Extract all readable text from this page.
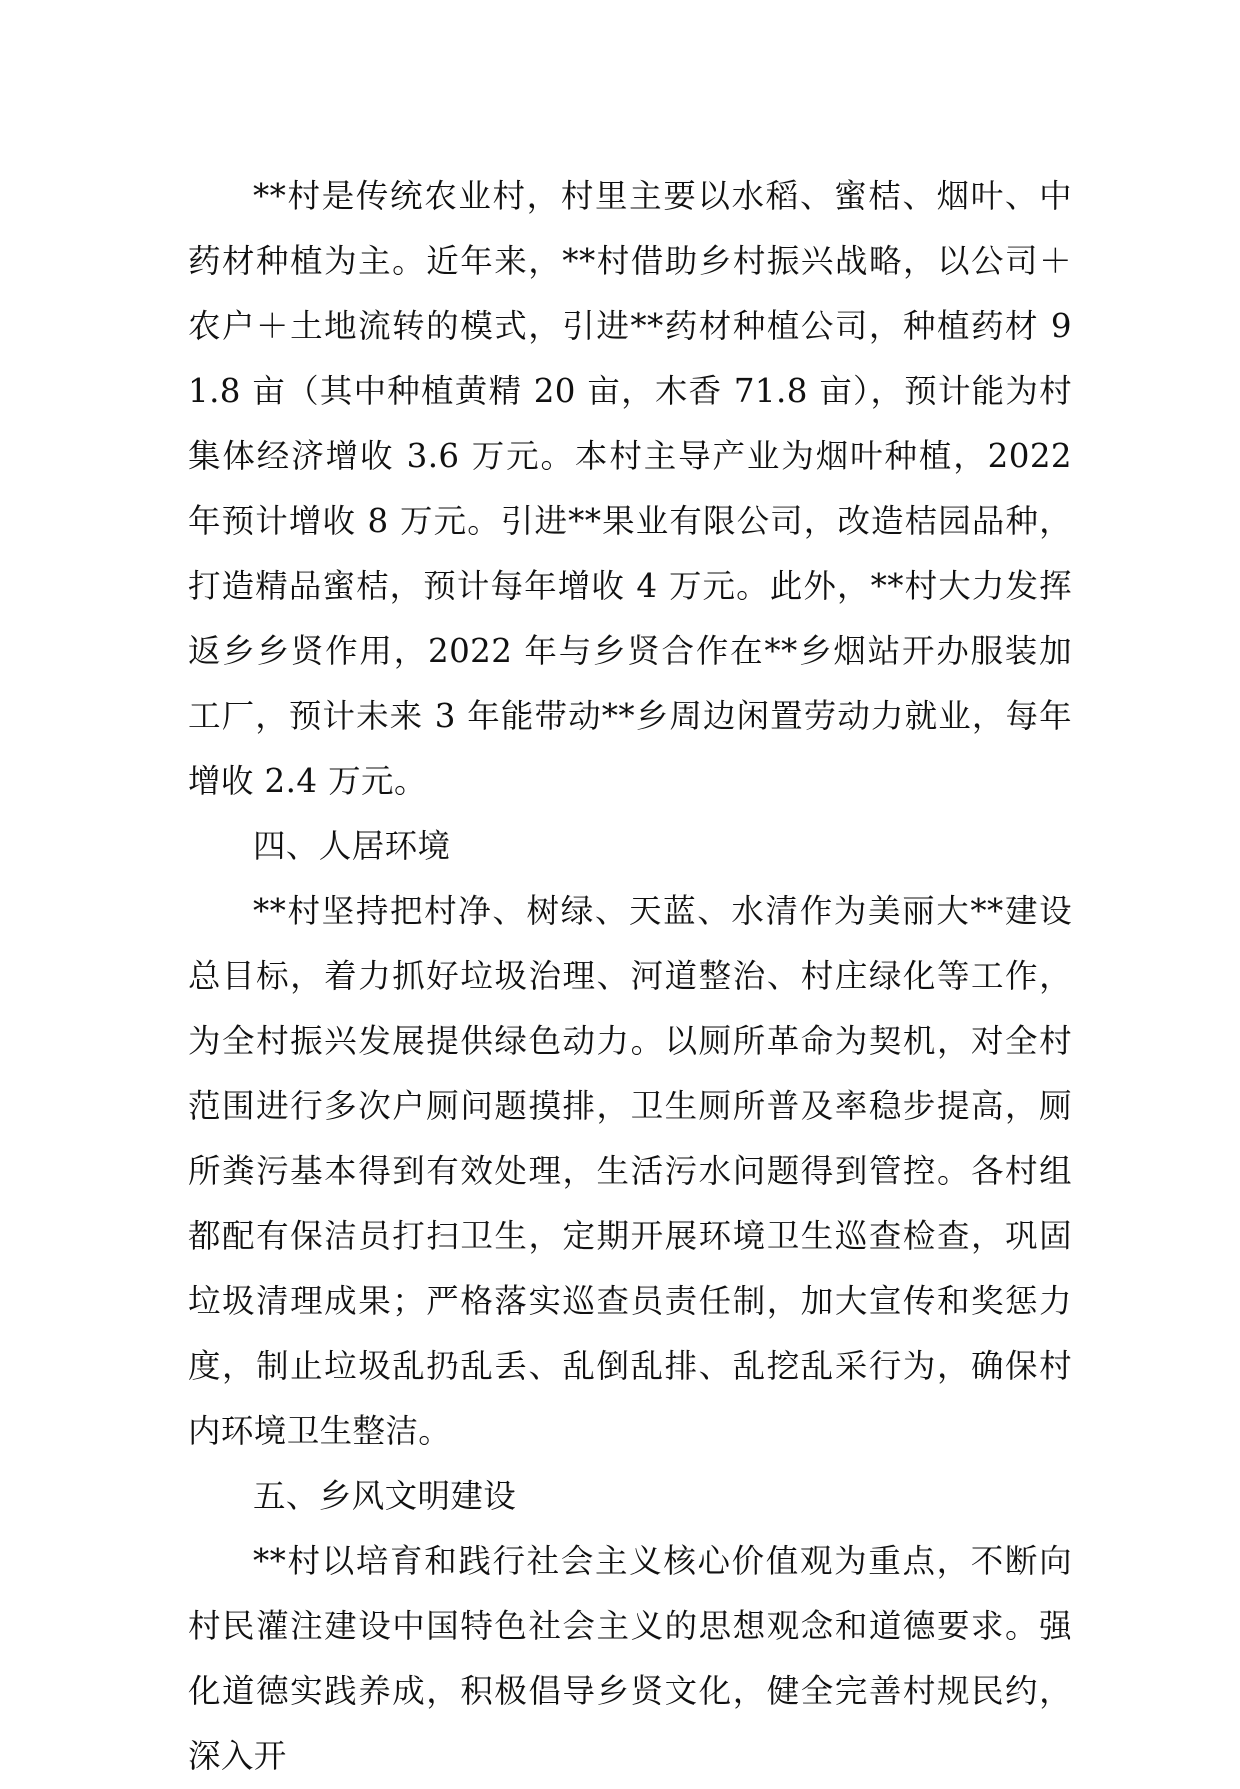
**村是传统农业村，村里主要以水稻、蜜桔、烟叶、中药材种植为主。近年来，**村借助乡村振兴战略，以公司＋农户＋土地流转的模式，引进**药材种植公司，种植药材 91.8 亩（其中种植黄精 20 亩，木香 71.8 亩），预计能为村集体经济增收 3.6 万元。本村主导产业为烟叶种植，2022 年预计增收 8 万元。引进**果业有限公司，改造桔园品种，打造精品蜜桔，预计每年增收 4 万元。此外，**村大力发挥返乡乡贤作用，2022 年与乡贤合作在**乡烟站开办服装加工厂，预计未来 3 年能带动**乡周边闲置劳动力就业，每年增收 2.4 万元。

四、人居环境

**村坚持把村净、树绿、天蓝、水清作为美丽大**建设总目标，着力抓好垃圾治理、河道整治、村庄绿化等工作，为全村振兴发展提供绿色动力。以厕所革命为契机，对全村范围进行多次户厕问题摸排，卫生厕所普及率稳步提高，厕所粪污基本得到有效处理，生活污水问题得到管控。各村组都配有保洁员打扫卫生，定期开展环境卫生巡查检查，巩固垃圾清理成果；严格落实巡查员责任制，加大宣传和奖惩力度，制止垃圾乱扔乱丢、乱倒乱排、乱挖乱采行为，确保村内环境卫生整洁。

五、乡风文明建设

**村以培育和践行社会主义核心价值观为重点，不断向村民灌注建设中国特色社会主义的思想观念和道德要求。强化道德实践养成，积极倡导乡贤文化，健全完善村规民约，深入开
